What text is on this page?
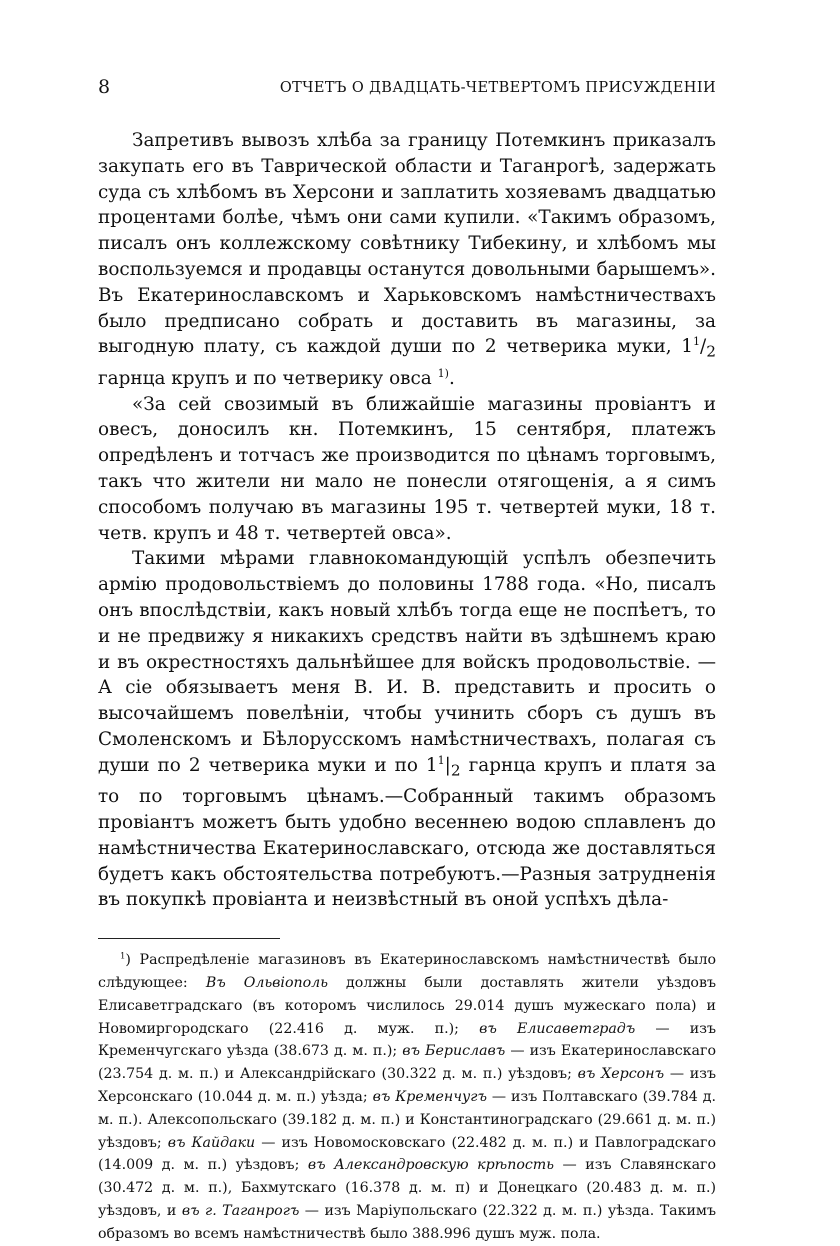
8	ОТЧЕТЪ О ДВАДЦАТЬ-ЧЕТВЕРТОМЪ ПРИСУЖДЕНІИ

Запретивъ вывозъ хлѣба за границу Потемкинъ приказалъ закупать его въ Таврической области и Таганрогѣ, задержать суда съ хлѣбомъ въ Херсони и заплатить хозяевамъ двадцатью процентами болѣе, чѣмъ они сами купили. «Такимъ образомъ, писалъ онъ коллежскому совѣтнику Тибекину, и хлѣбомъ мы воспользуемся и продавцы останутся довольными барышемъ». Въ Екатеринославскомъ и Харьковскомъ намѣстничествахъ было предписано собрать и доставить въ магазины, за выгодную плату, съ каждой души по 2 четверика муки, $1^1/_2$ гарнца крупъ и по четверику овса $^{1)}$.

«За сей свозимый въ ближайшіе магазины провіантъ и овесъ, доносилъ кн. Потемкинъ, 15 сентября, платежъ опредѣленъ и тотчасъ же производится по цѣнамъ торговымъ, такъ что жители ни мало не понесли отягощенія, а я симъ способомъ получаю въ магазины 195 т. четвертей муки, 18 т. четв. крупъ и 48 т. четвертей овса».

Такими мѣрами главнокомандующій успѣлъ обезпечить армію продовольствіемъ до половины 1788 года. «Но, писалъ онъ впослѣдствіи, какъ новый хлѣбъ тогда еще не поспѣетъ, то и не предвижу я никакихъ средствъ найти въ здѣшнемъ краю и въ окрестностяхъ дальнѣйшее для войскъ продовольствіе. — А сіе обязываетъ меня В. И. В. представить и просить о высочайшемъ повелѣніи, чтобы учинить сборъ съ душъ въ Смоленскомъ и Бѣлорусскомъ намѣстничествахъ, полагая съ души по 2 четверика муки и по $1^1|_2$ гарнца крупъ и платя за то по торговымъ цѣнамъ.—Собранный такимъ образомъ провіантъ можетъ быть удобно весеннею водою сплавленъ до намѣстничества Екатеринославскаго, отсюда же доставляться будетъ какъ обстоятельства потребуютъ.—Разныя затрудненія въ покупкѣ провіанта и неизвѣстный въ оной успѣхъ дѣла-

$^1$) Распредѣленіе магазиновъ въ Екатеринославскомъ намѣстничествѣ было слѣдующее: Въ Ольвіополь должны были доставлять жители уѣздовъ Елисаветградскаго (въ которомъ числилось 29.014 душъ мужескаго пола) и Новомиргородскаго (22.416 д. муж. п.); въ Елисаветградъ — изъ Кременчугскаго уѣзда (38.673 д. м. п.); въ Бериславъ — изъ Екатеринославскаго (23.754 д. м. п.) и Александрійскаго (30.322 д. м. п.) уѣздовъ; въ Херсонъ — изъ Херсонскаго (10.044 д. м. п.) уѣзда; въ Кременчугъ — изъ Полтавскаго (39.784 д. м. п.). Алексопольскаго (39.182 д. м. п.) и Константиноградскаго (29.661 д. м. п.) уѣздовъ; въ Кайдаки — изъ Новомосковскаго (22.482 д. м. п.) и Павлоградскаго (14.009 д. м. п.) уѣздовъ; въ Александровскую крѣпость — изъ Славянскаго (30.472 д. м. п.), Бахмутскаго (16.378 д. м. п) и Донецкаго (20.483 д. м. п.) уѣздовъ, и въ г. Таганрогъ — изъ Маріупольскаго (22.322 д. м. п.) уѣзда. Такимъ образомъ во всемъ намѣстничествѣ было 388.996 душъ муж. пола.
